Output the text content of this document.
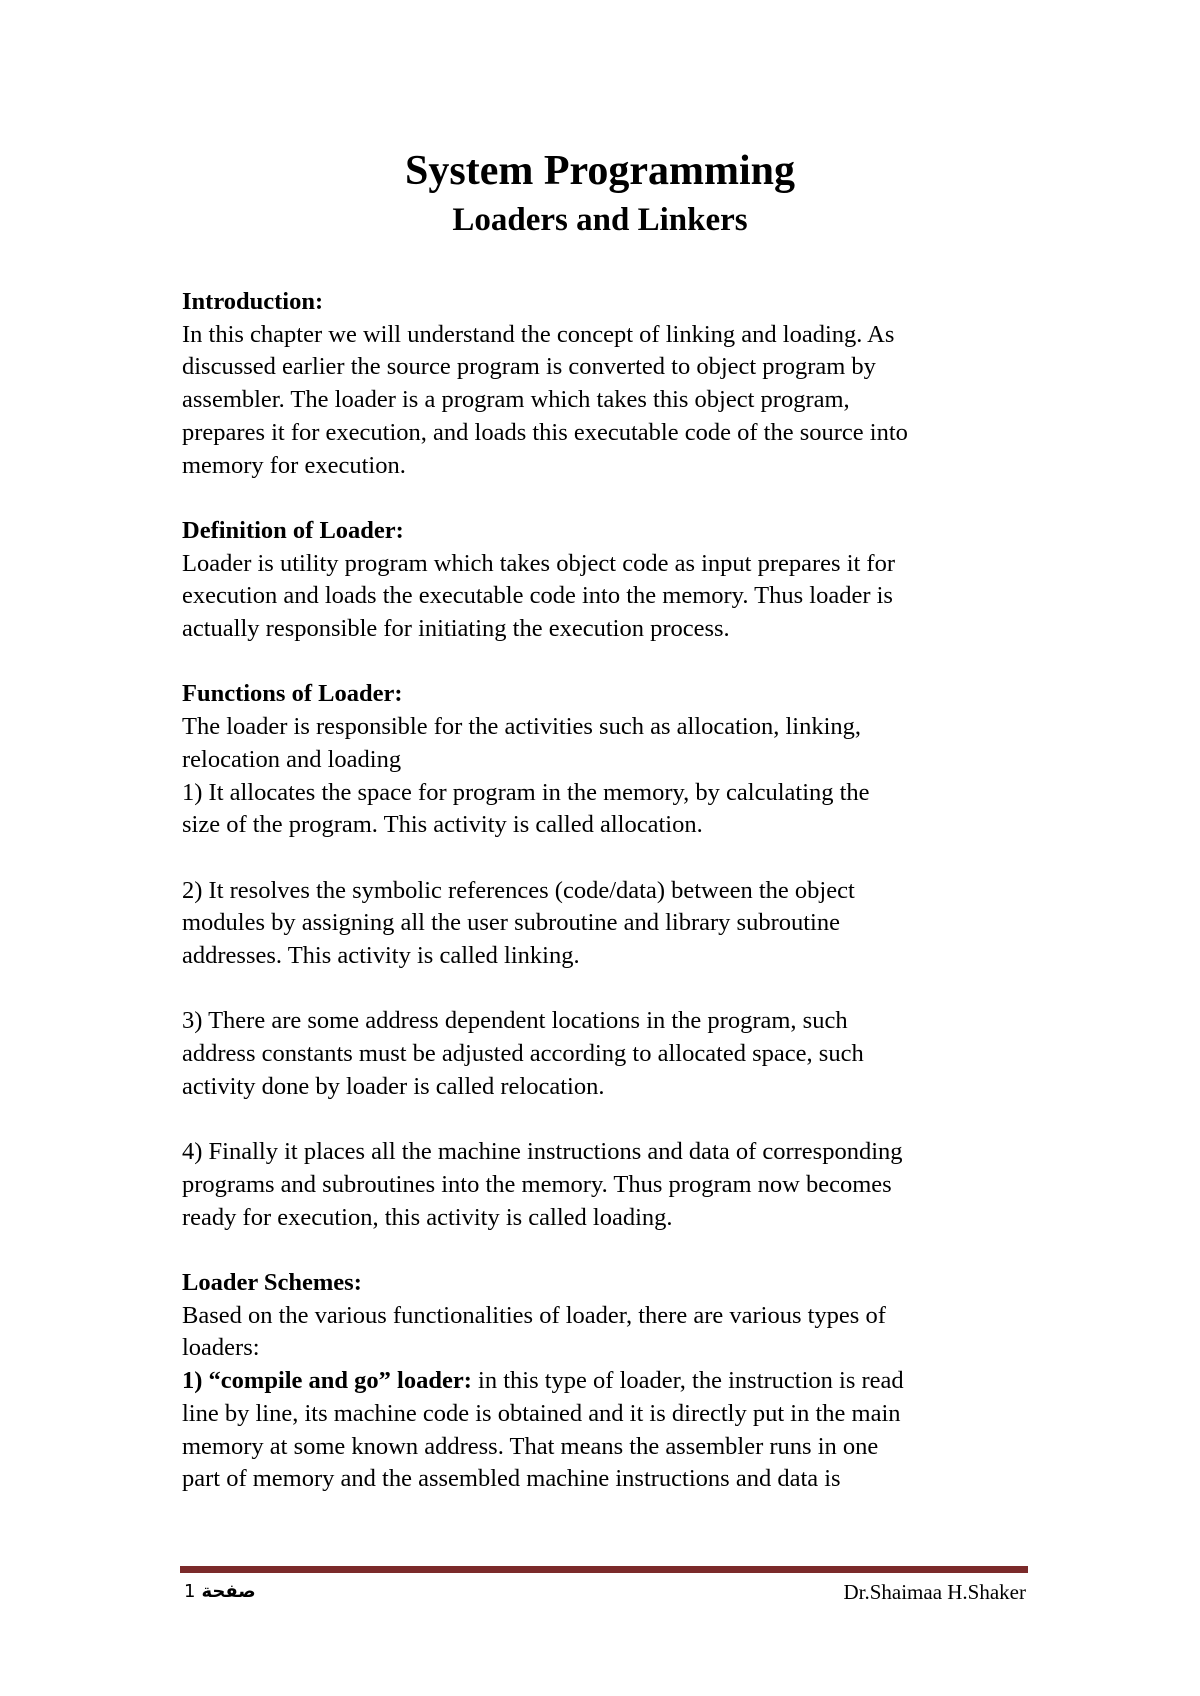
System Programming
Loaders and Linkers

Introduction:

In this chapter we will understand the concept of linking and loading. As

discussed earlier the source program is converted to object program by

assembler. The loader is a program which takes this object program,

prepares it for execution, and loads this executable code of the source into

memory for execution.

Definition of Loader:

Loader is utility program which takes object code as input prepares it for

execution and loads the executable code into the memory. Thus loader is

actually responsible for initiating the execution process.

Functions of Loader:

The loader is responsible for the activities such as allocation, linking,

relocation and loading

1) It allocates the space for program in the memory, by calculating the

size of the program. This activity is called allocation.

2) It resolves the symbolic references (code/data) between the object

modules by assigning all the user subroutine and library subroutine

addresses. This activity is called linking.

3) There are some address dependent locations in the program, such

address constants must be adjusted according to allocated space, such

activity done by loader is called relocation.

4) Finally it places all the machine instructions and data of corresponding

programs and subroutines into the memory. Thus program now becomes

ready for execution, this activity is called loading.

Loader Schemes:

Based on the various functionalities of loader, there are various types of

loaders:

1) “compile and go” loader: in this type of loader, the instruction is read

line by line, its machine code is obtained and it is directly put in the main

memory at some known address. That means the assembler runs in one

part of memory and the assembled machine instructions and data is

1 صفحة	Dr.Shaimaa H.Shaker
